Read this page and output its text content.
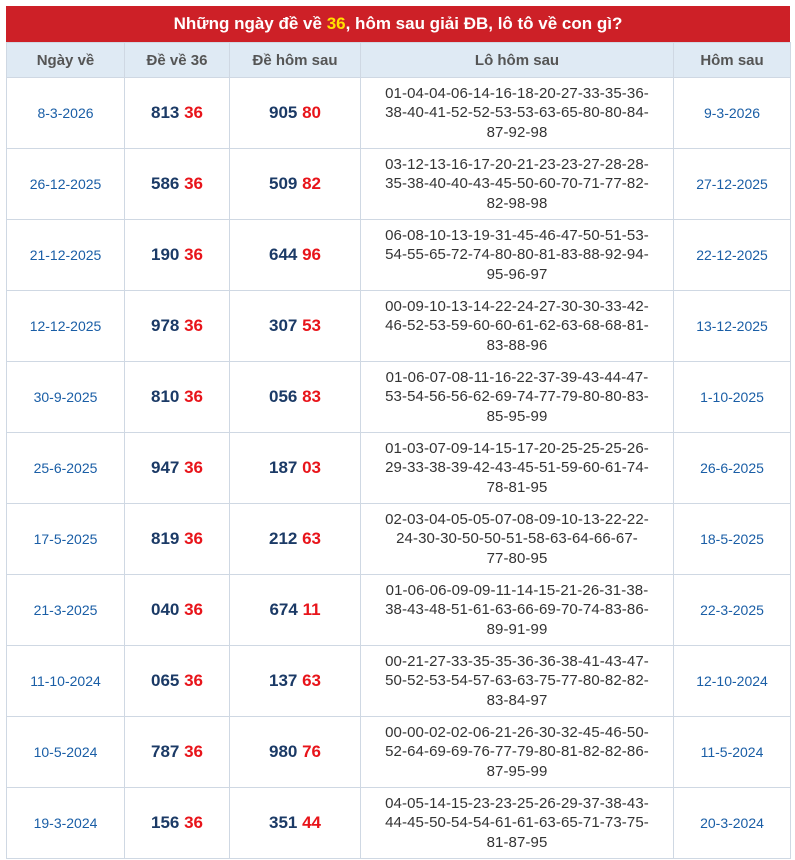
Những ngày đề về 36, hôm sau giải ĐB, lô tô về con gì?
Ngày về	Đề về 36	Đề hôm sau	Lô hôm sau	Hôm sau
8-3-2026	813 36	905 80	01-04-04-06-14-16-18-20-27-33-35-36-
38-40-41-52-52-53-53-63-65-80-80-84-
87-92-98	9-3-2026
26-12-2025	586 36	509 82	03-12-13-16-17-20-21-23-23-27-28-28-
35-38-40-40-43-45-50-60-70-71-77-82-
82-98-98	27-12-2025
21-12-2025	190 36	644 96	06-08-10-13-19-31-45-46-47-50-51-53-
54-55-65-72-74-80-80-81-83-88-92-94-
95-96-97	22-12-2025
12-12-2025	978 36	307 53	00-09-10-13-14-22-24-27-30-30-33-42-
46-52-53-59-60-60-61-62-63-68-68-81-
83-88-96	13-12-2025
30-9-2025	810 36	056 83	01-06-07-08-11-16-22-37-39-43-44-47-
53-54-56-56-62-69-74-77-79-80-80-83-
85-95-99	1-10-2025
25-6-2025	947 36	187 03	01-03-07-09-14-15-17-20-25-25-25-26-
29-33-38-39-42-43-45-51-59-60-61-74-
78-81-95	26-6-2025
17-5-2025	819 36	212 63	02-03-04-05-05-07-08-09-10-13-22-22-
24-30-30-50-50-51-58-63-64-66-67-
77-80-95	18-5-2025
21-3-2025	040 36	674 11	01-06-06-09-09-11-14-15-21-26-31-38-
38-43-48-51-61-63-66-69-70-74-83-86-
89-91-99	22-3-2025
11-10-2024	065 36	137 63	00-21-27-33-35-35-36-36-38-41-43-47-
50-52-53-54-57-63-63-75-77-80-82-82-
83-84-97	12-10-2024
10-5-2024	787 36	980 76	00-00-02-02-06-21-26-30-32-45-46-50-
52-64-69-69-76-77-79-80-81-82-82-86-
87-95-99	11-5-2024
19-3-2024	156 36	351 44	04-05-14-15-23-23-25-26-29-37-38-43-
44-45-50-54-54-61-61-63-65-71-73-75-
81-87-95	20-3-2024
